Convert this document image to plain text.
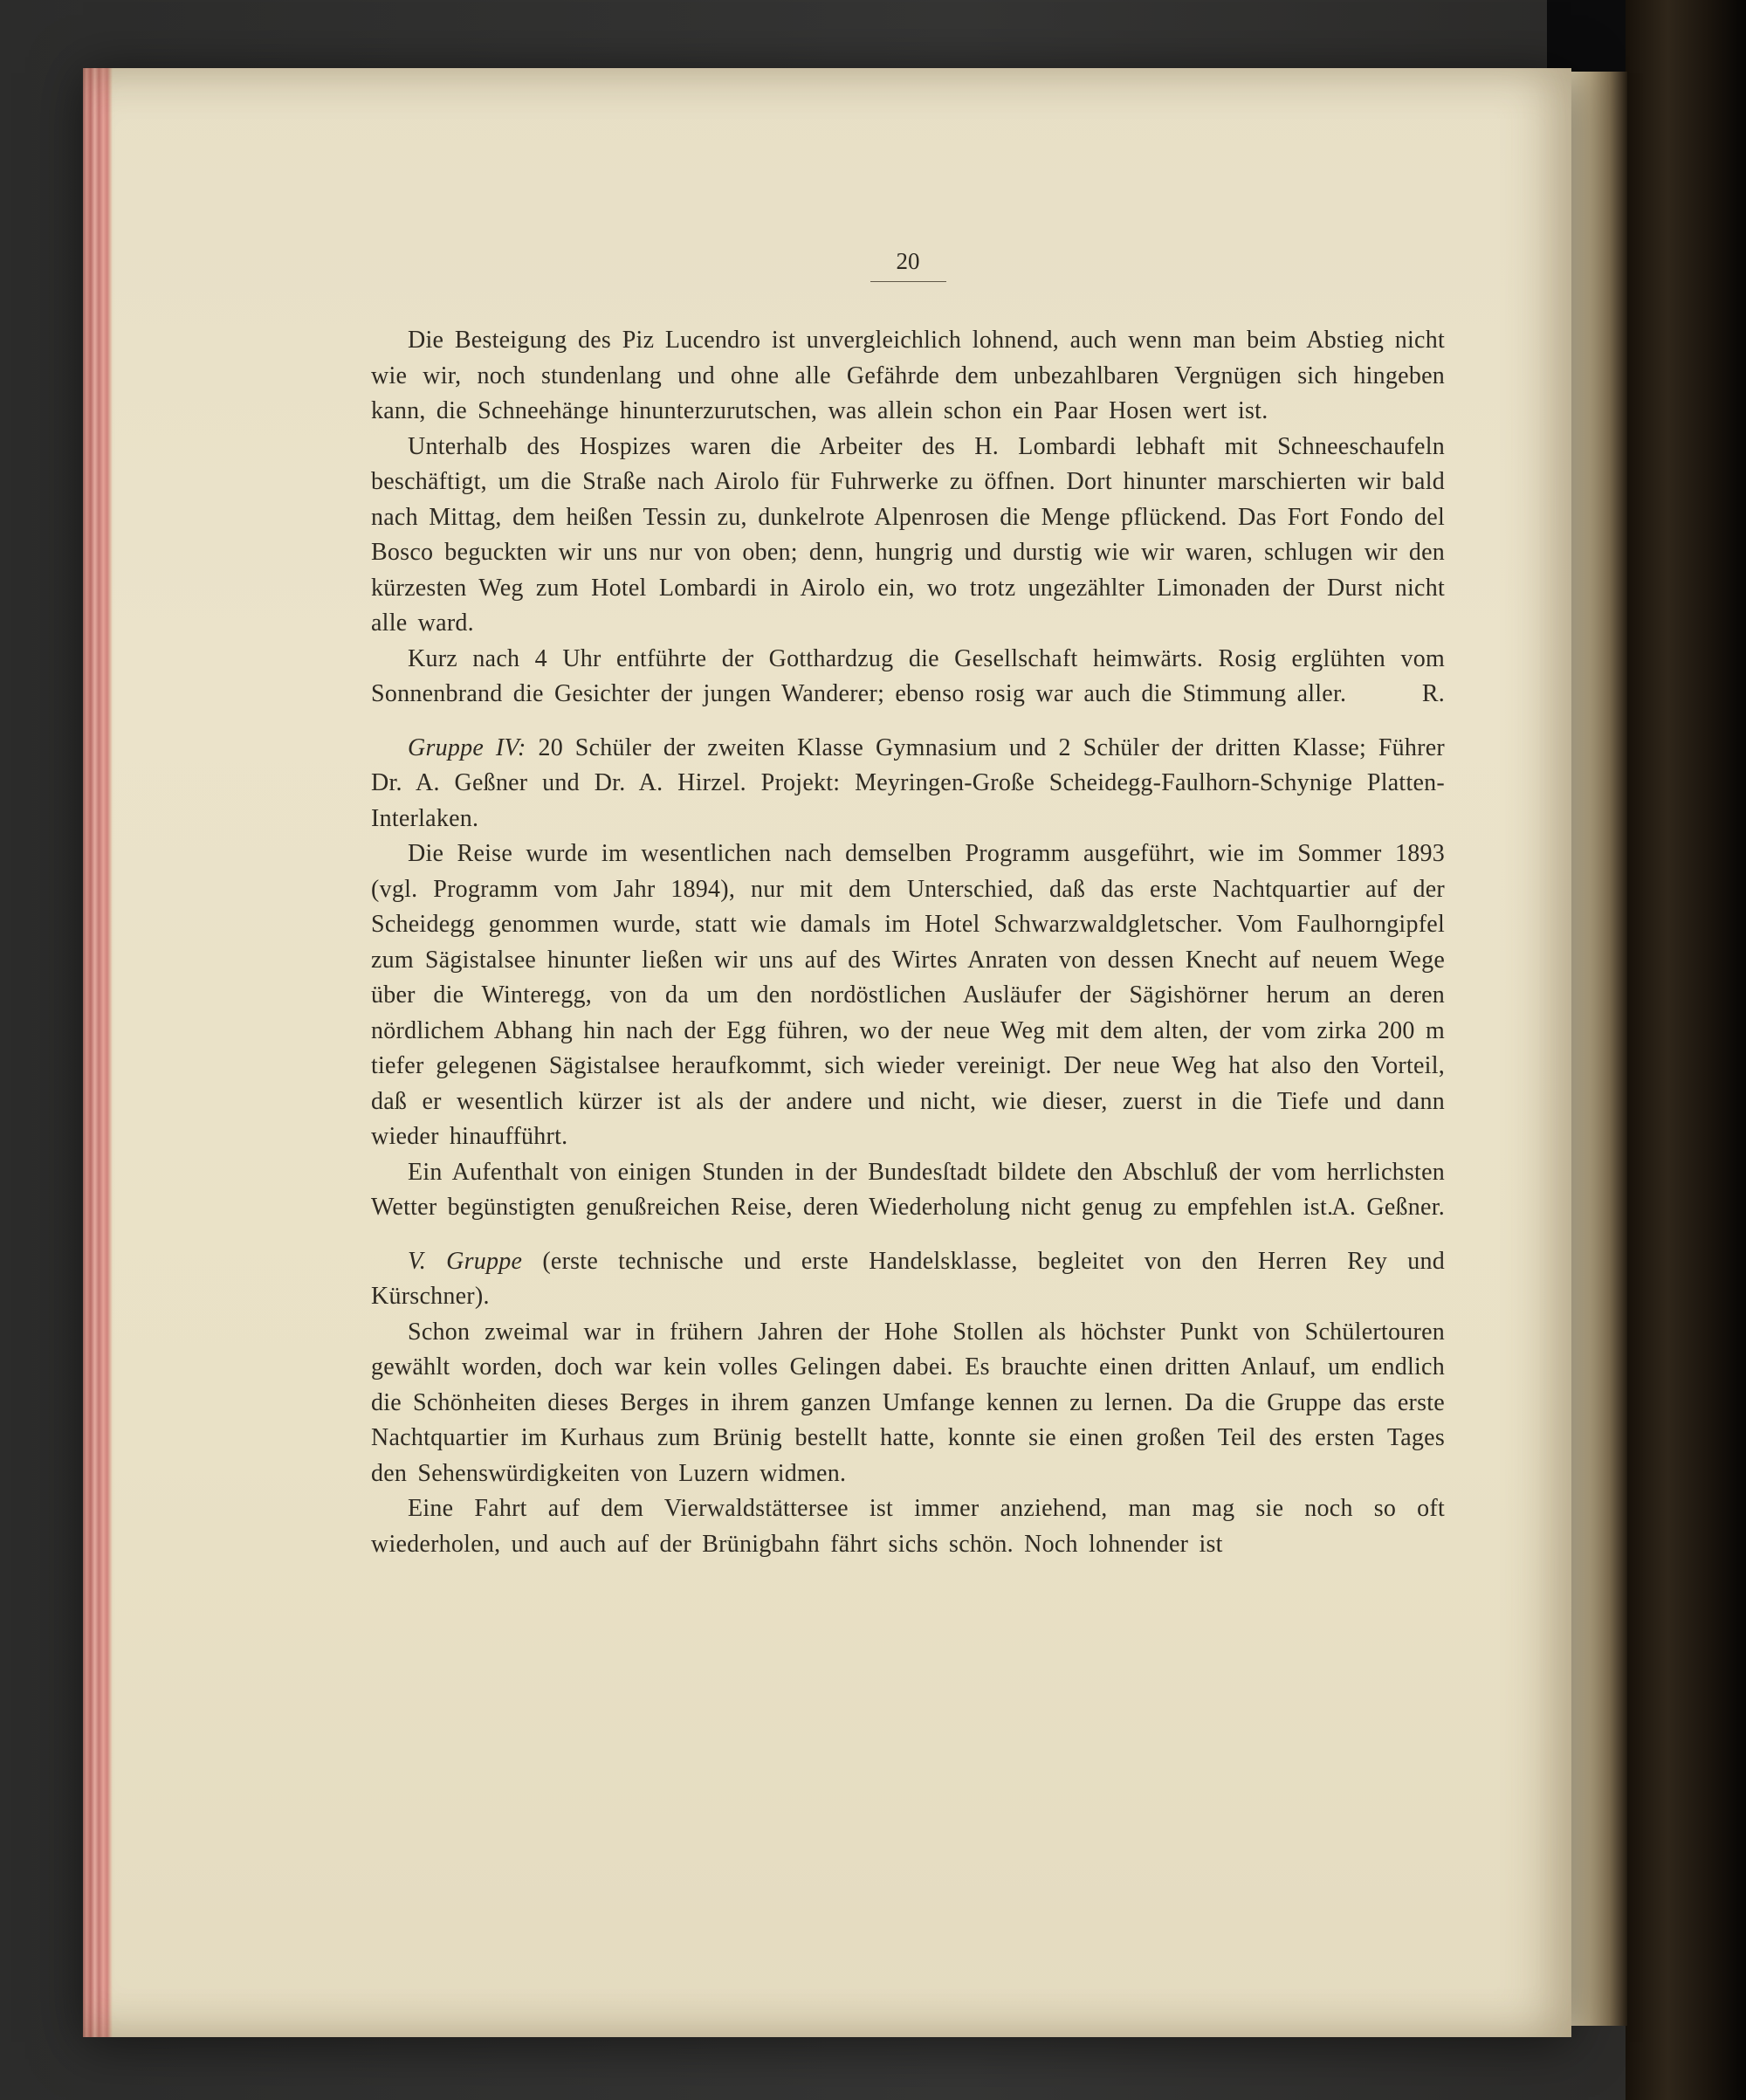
20
Die Besteigung des Piz Lucendro ist unvergleichlich lohnend, auch wenn man beim Abstieg nicht wie wir, noch stundenlang und ohne alle Gefährde dem unbezahlbaren Vergnügen sich hingeben kann, die Schneehänge hinunterzurutschen, was allein schon ein Paar Hosen wert ist.
Unterhalb des Hospizes waren die Arbeiter des H. Lombardi lebhaft mit Schneeschaufeln beschäftigt, um die Straße nach Airolo für Fuhrwerke zu öffnen. Dort hinunter marschierten wir bald nach Mittag, dem heißen Tessin zu, dunkelrote Alpenrosen die Menge pflückend. Das Fort Fondo del Bosco beguckten wir uns nur von oben; denn, hungrig und durstig wie wir waren, schlugen wir den kürzesten Weg zum Hotel Lombardi in Airolo ein, wo trotz ungezählter Limonaden der Durst nicht alle ward.
Kurz nach 4 Uhr entführte der Gotthardzug die Gesellschaft heimwärts. Rosig erglühten vom Sonnenbrand die Gesichter der jungen Wanderer; ebenso rosig war auch die Stimmung aller.	R.
Gruppe IV: 20 Schüler der zweiten Klasse Gymnasium und 2 Schüler der dritten Klasse; Führer Dr. A. Geßner und Dr. A. Hirzel. Projekt: Meyringen-Große Scheidegg-Faulhorn-Schynige Platten-Interlaken.
Die Reise wurde im wesentlichen nach demselben Programm ausgeführt, wie im Sommer 1893 (vgl. Programm vom Jahr 1894), nur mit dem Unterschied, daß das erste Nachtquartier auf der Scheidegg genommen wurde, statt wie damals im Hotel Schwarzwaldgletscher. Vom Faulhorngipfel zum Sägistalsee hinunter ließen wir uns auf des Wirtes Anraten von dessen Knecht auf neuem Wege über die Winteregg, von da um den nordöstlichen Ausläufer der Sägishörner herum an deren nördlichem Abhang hin nach der Egg führen, wo der neue Weg mit dem alten, der vom zirka 200 m tiefer gelegenen Sägistalsee heraufkommt, sich wieder vereinigt. Der neue Weg hat also den Vorteil, daß er wesentlich kürzer ist als der andere und nicht, wie dieser, zuerst in die Tiefe und dann wieder hinaufführt.
Ein Aufenthalt von einigen Stunden in der Bundesſtadt bildete den Abschluß der vom herrlichsten Wetter begünstigten genußreichen Reise, deren Wiederholung nicht genug zu empfehlen ist.
A. Geßner.
V. Gruppe (erste technische und erste Handelsklasse, begleitet von den Herren Rey und Kürschner).
Schon zweimal war in frühern Jahren der Hohe Stollen als höchster Punkt von Schülertouren gewählt worden, doch war kein volles Gelingen dabei. Es brauchte einen dritten Anlauf, um endlich die Schönheiten dieses Berges in ihrem ganzen Umfange kennen zu lernen. Da die Gruppe das erste Nachtquartier im Kurhaus zum Brünig bestellt hatte, konnte sie einen großen Teil des ersten Tages den Sehenswürdigkeiten von Luzern widmen.
Eine Fahrt auf dem Vierwaldstättersee ist immer anziehend, man mag sie noch so oft wiederholen, und auch auf der Brünigbahn fährt sichs schön. Noch lohnender ist
